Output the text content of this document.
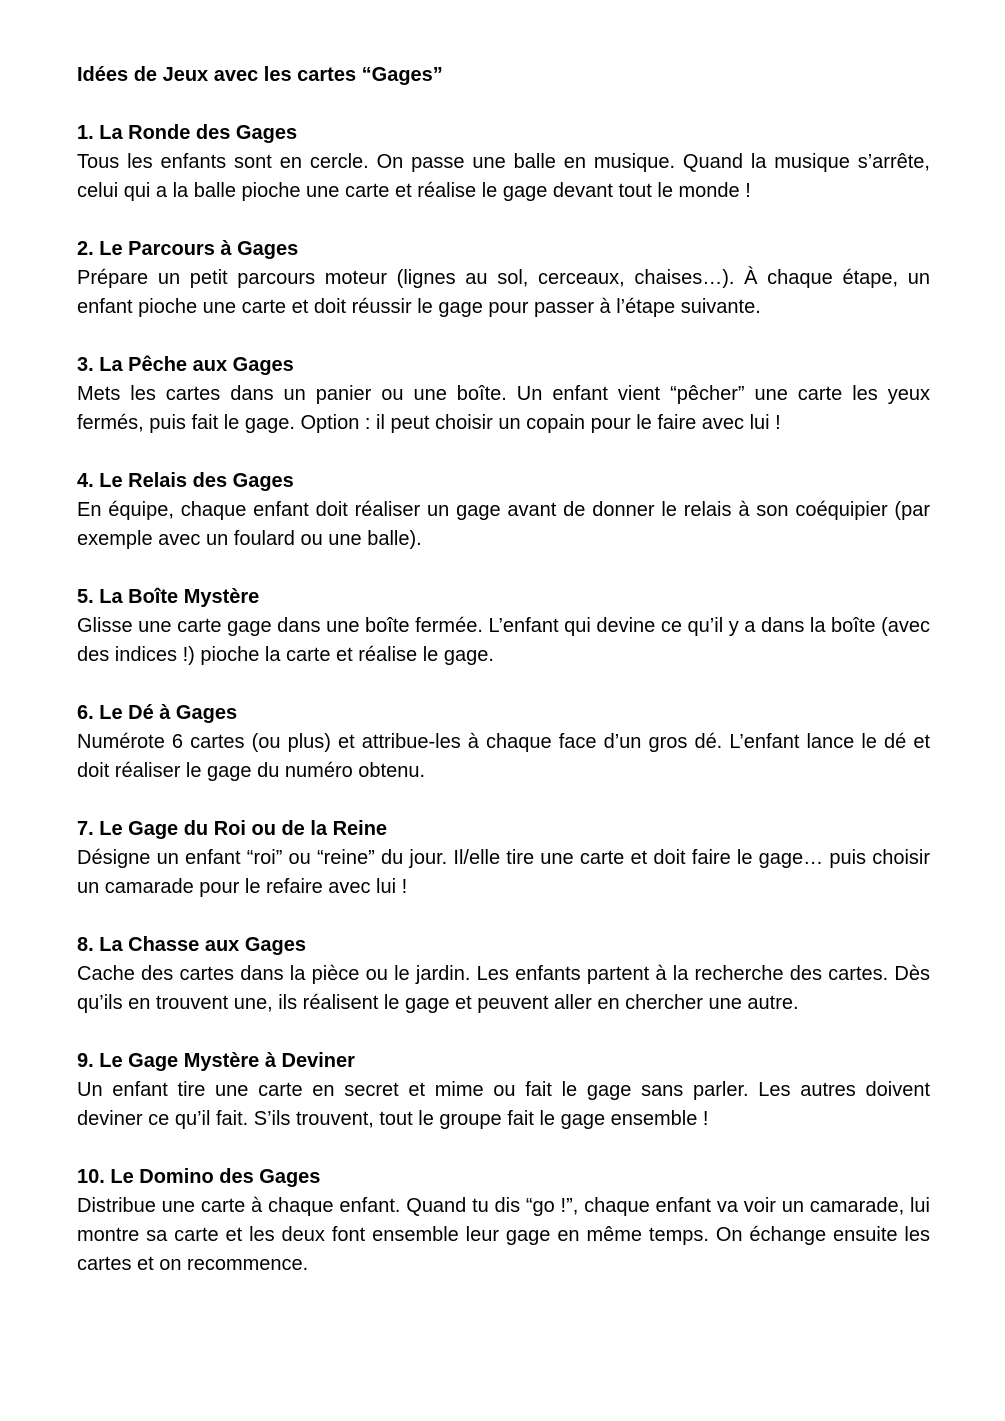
Idées de Jeux avec les cartes “Gages”
1. La Ronde des Gages

Tous les enfants sont en cercle. On passe une balle en musique. Quand la musique s’arrête, celui qui a la balle pioche une carte et réalise le gage devant tout le monde !

2. Le Parcours à Gages

Prépare un petit parcours moteur (lignes au sol, cerceaux, chaises…). À chaque étape, un enfant pioche une carte et doit réussir le gage pour passer à l’étape suivante.

3. La Pêche aux Gages

Mets les cartes dans un panier ou une boîte. Un enfant vient “pêcher” une carte les yeux fermés, puis fait le gage. Option : il peut choisir un copain pour le faire avec lui !

4. Le Relais des Gages

En équipe, chaque enfant doit réaliser un gage avant de donner le relais à son coéquipier (par exemple avec un foulard ou une balle).

5. La Boîte Mystère

Glisse une carte gage dans une boîte fermée. L’enfant qui devine ce qu’il y a dans la boîte (avec des indices !) pioche la carte et réalise le gage.

6. Le Dé à Gages

Numérote 6 cartes (ou plus) et attribue-les à chaque face d’un gros dé. L’enfant lance le dé et doit réaliser le gage du numéro obtenu.

7. Le Gage du Roi ou de la Reine

Désigne un enfant “roi” ou “reine” du jour. Il/elle tire une carte et doit faire le gage… puis choisir un camarade pour le refaire avec lui !

8. La Chasse aux Gages

Cache des cartes dans la pièce ou le jardin. Les enfants partent à la recherche des cartes. Dès qu’ils en trouvent une, ils réalisent le gage et peuvent aller en chercher une autre.

9. Le Gage Mystère à Deviner

Un enfant tire une carte en secret et mime ou fait le gage sans parler. Les autres doivent deviner ce qu’il fait. S’ils trouvent, tout le groupe fait le gage ensemble !

10. Le Domino des Gages

Distribue une carte à chaque enfant. Quand tu dis “go !”, chaque enfant va voir un camarade, lui montre sa carte et les deux font ensemble leur gage en même temps. On échange ensuite les cartes et on recommence.
